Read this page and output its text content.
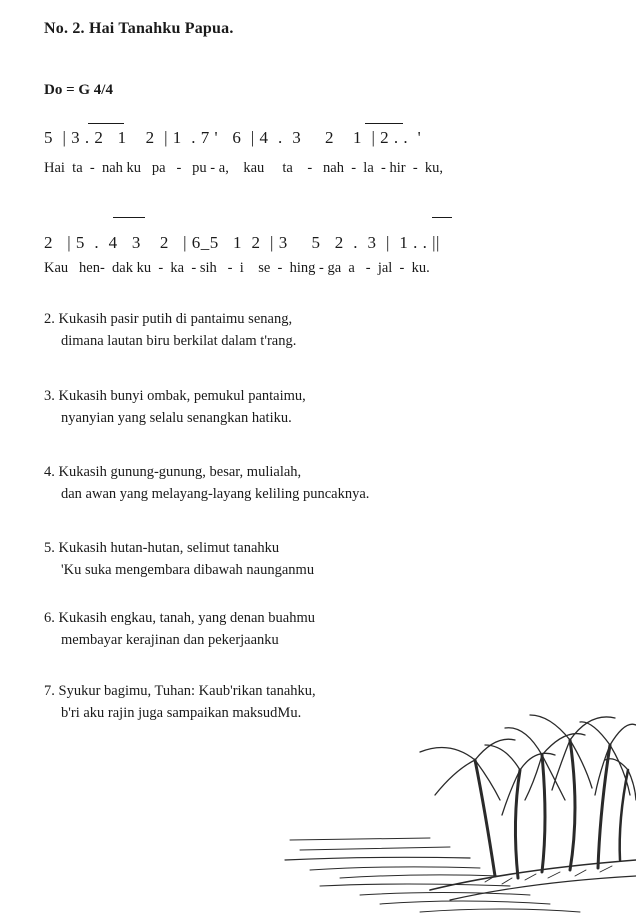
No. 2. Hai Tanahku Papua.
Do = G 4/4
5  | 3 . 2   1    2  | 1  . 7 '   6  | 4  .  3     2    1  | 2 . .  '
Hai  ta  -  nah ku   pa   -   pu - a,    kau     ta    -   nah  -  la  - hir  -  ku,
2   | 5  .  4   3    2   | 6_5   1  2  | 3     5   2  .  3  |  1 . . ||
Kau   hen-  dak ku  -  ka  - sih   -  i    se  -  hing - ga  a   -  jal  -  ku.
2. Kukasih pasir putih di pantaimu senang,
dimana lautan biru berkilat dalam t'rang.
3. Kukasih bunyi ombak, pemukul pantaimu,
nyanyian yang selalu senangkan hatiku.
4. Kukasih gunung-gunung, besar, mulialah,
dan awan yang melayang-layang keliling puncaknya.
5. Kukasih hutan-hutan, selimut tanahku
'Ku suka mengembara dibawah naunganmu
6. Kukasih engkau, tanah, yang denan buahmu
membayar kerajinan dan pekerjaanku
7. Syukur bagimu, Tuhan: Kaub'rikan tanahku,
b'ri aku rajin juga sampaikan maksudMu.
